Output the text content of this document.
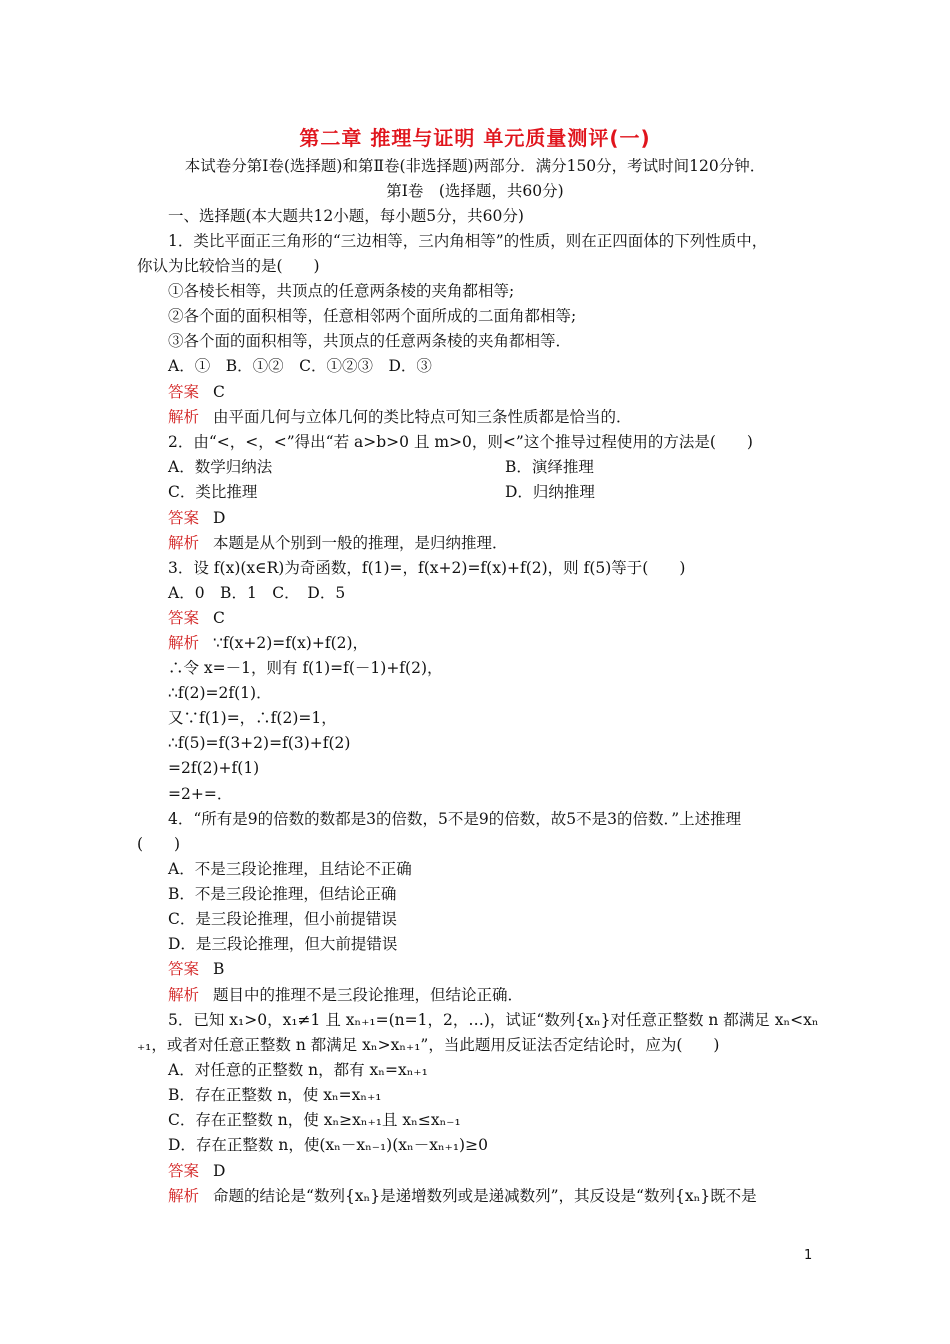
第二章 推理与证明 单元质量测评(一)
本试卷分第Ⅰ卷(选择题)和第Ⅱ卷(非选择题)两部分．满分150分，考试时间120分钟．
第Ⅰ卷　(选择题，共60分)
一、选择题(本大题共12小题，每小题5分，共60分)
1．类比平面正三角形的“三边相等，三内角相等”的性质，则在正四面体的下列性质中，
你认为比较恰当的是(　　)
①各棱长相等，共顶点的任意两条棱的夹角都相等;
②各个面的面积相等，任意相邻两个面所成的二面角都相等;
③各个面的面积相等，共顶点的任意两条棱的夹角都相等．
A．①　B．①②　C．①②③　D．③
答案 C
解析 由平面几何与立体几何的类比特点可知三条性质都是恰当的．
2．由“<，<，<”得出“若 a>b>0 且 m>0，则<”这个推导过程使用的方法是(　　)
A．数学归纳法	B．演绎推理
C．类比推理	D．归纳推理
答案 D
解析 本题是从个别到一般的推理，是归纳推理．
3．设 f(x)(x∈R)为奇函数，f(1)=，f(x+2)=f(x)+f(2)，则 f(5)等于(　　)
A．0　B．1　C．　D．5
答案 C
解析 ∵f(x+2)=f(x)+f(2)，
∴令 x=－1，则有 f(1)=f(－1)+f(2)，
∴f(2)=2f(1)．
又∵f(1)=，∴f(2)=1，
∴f(5)=f(3+2)=f(3)+f(2)
=2f(2)+f(1)
=2+=．
4．“所有是9的倍数的数都是3的倍数，5不是9的倍数，故5不是3的倍数．”上述推理
(　　)
A．不是三段论推理，且结论不正确
B．不是三段论推理，但结论正确
C．是三段论推理，但小前提错误
D．是三段论推理，但大前提错误
答案 B
解析 题目中的推理不是三段论推理，但结论正确．
5．已知 x₁>0，x₁≠1 且 xₙ₊₁=(n=1，2，…)，试证“数列{xₙ}对任意正整数 n 都满足 xₙ<xₙ
₊₁，或者对任意正整数 n 都满足 xₙ>xₙ₊₁”，当此题用反证法否定结论时，应为(　　)
A．对任意的正整数 n，都有 xₙ=xₙ₊₁
B．存在正整数 n，使 xₙ=xₙ₊₁
C．存在正整数 n，使 xₙ≥xₙ₊₁且 xₙ≤xₙ₋₁
D．存在正整数 n，使(xₙ－xₙ₋₁)(xₙ－xₙ₊₁)≥0
答案 D
解析 命题的结论是“数列{xₙ}是递增数列或是递减数列”，其反设是“数列{xₙ}既不是
1
